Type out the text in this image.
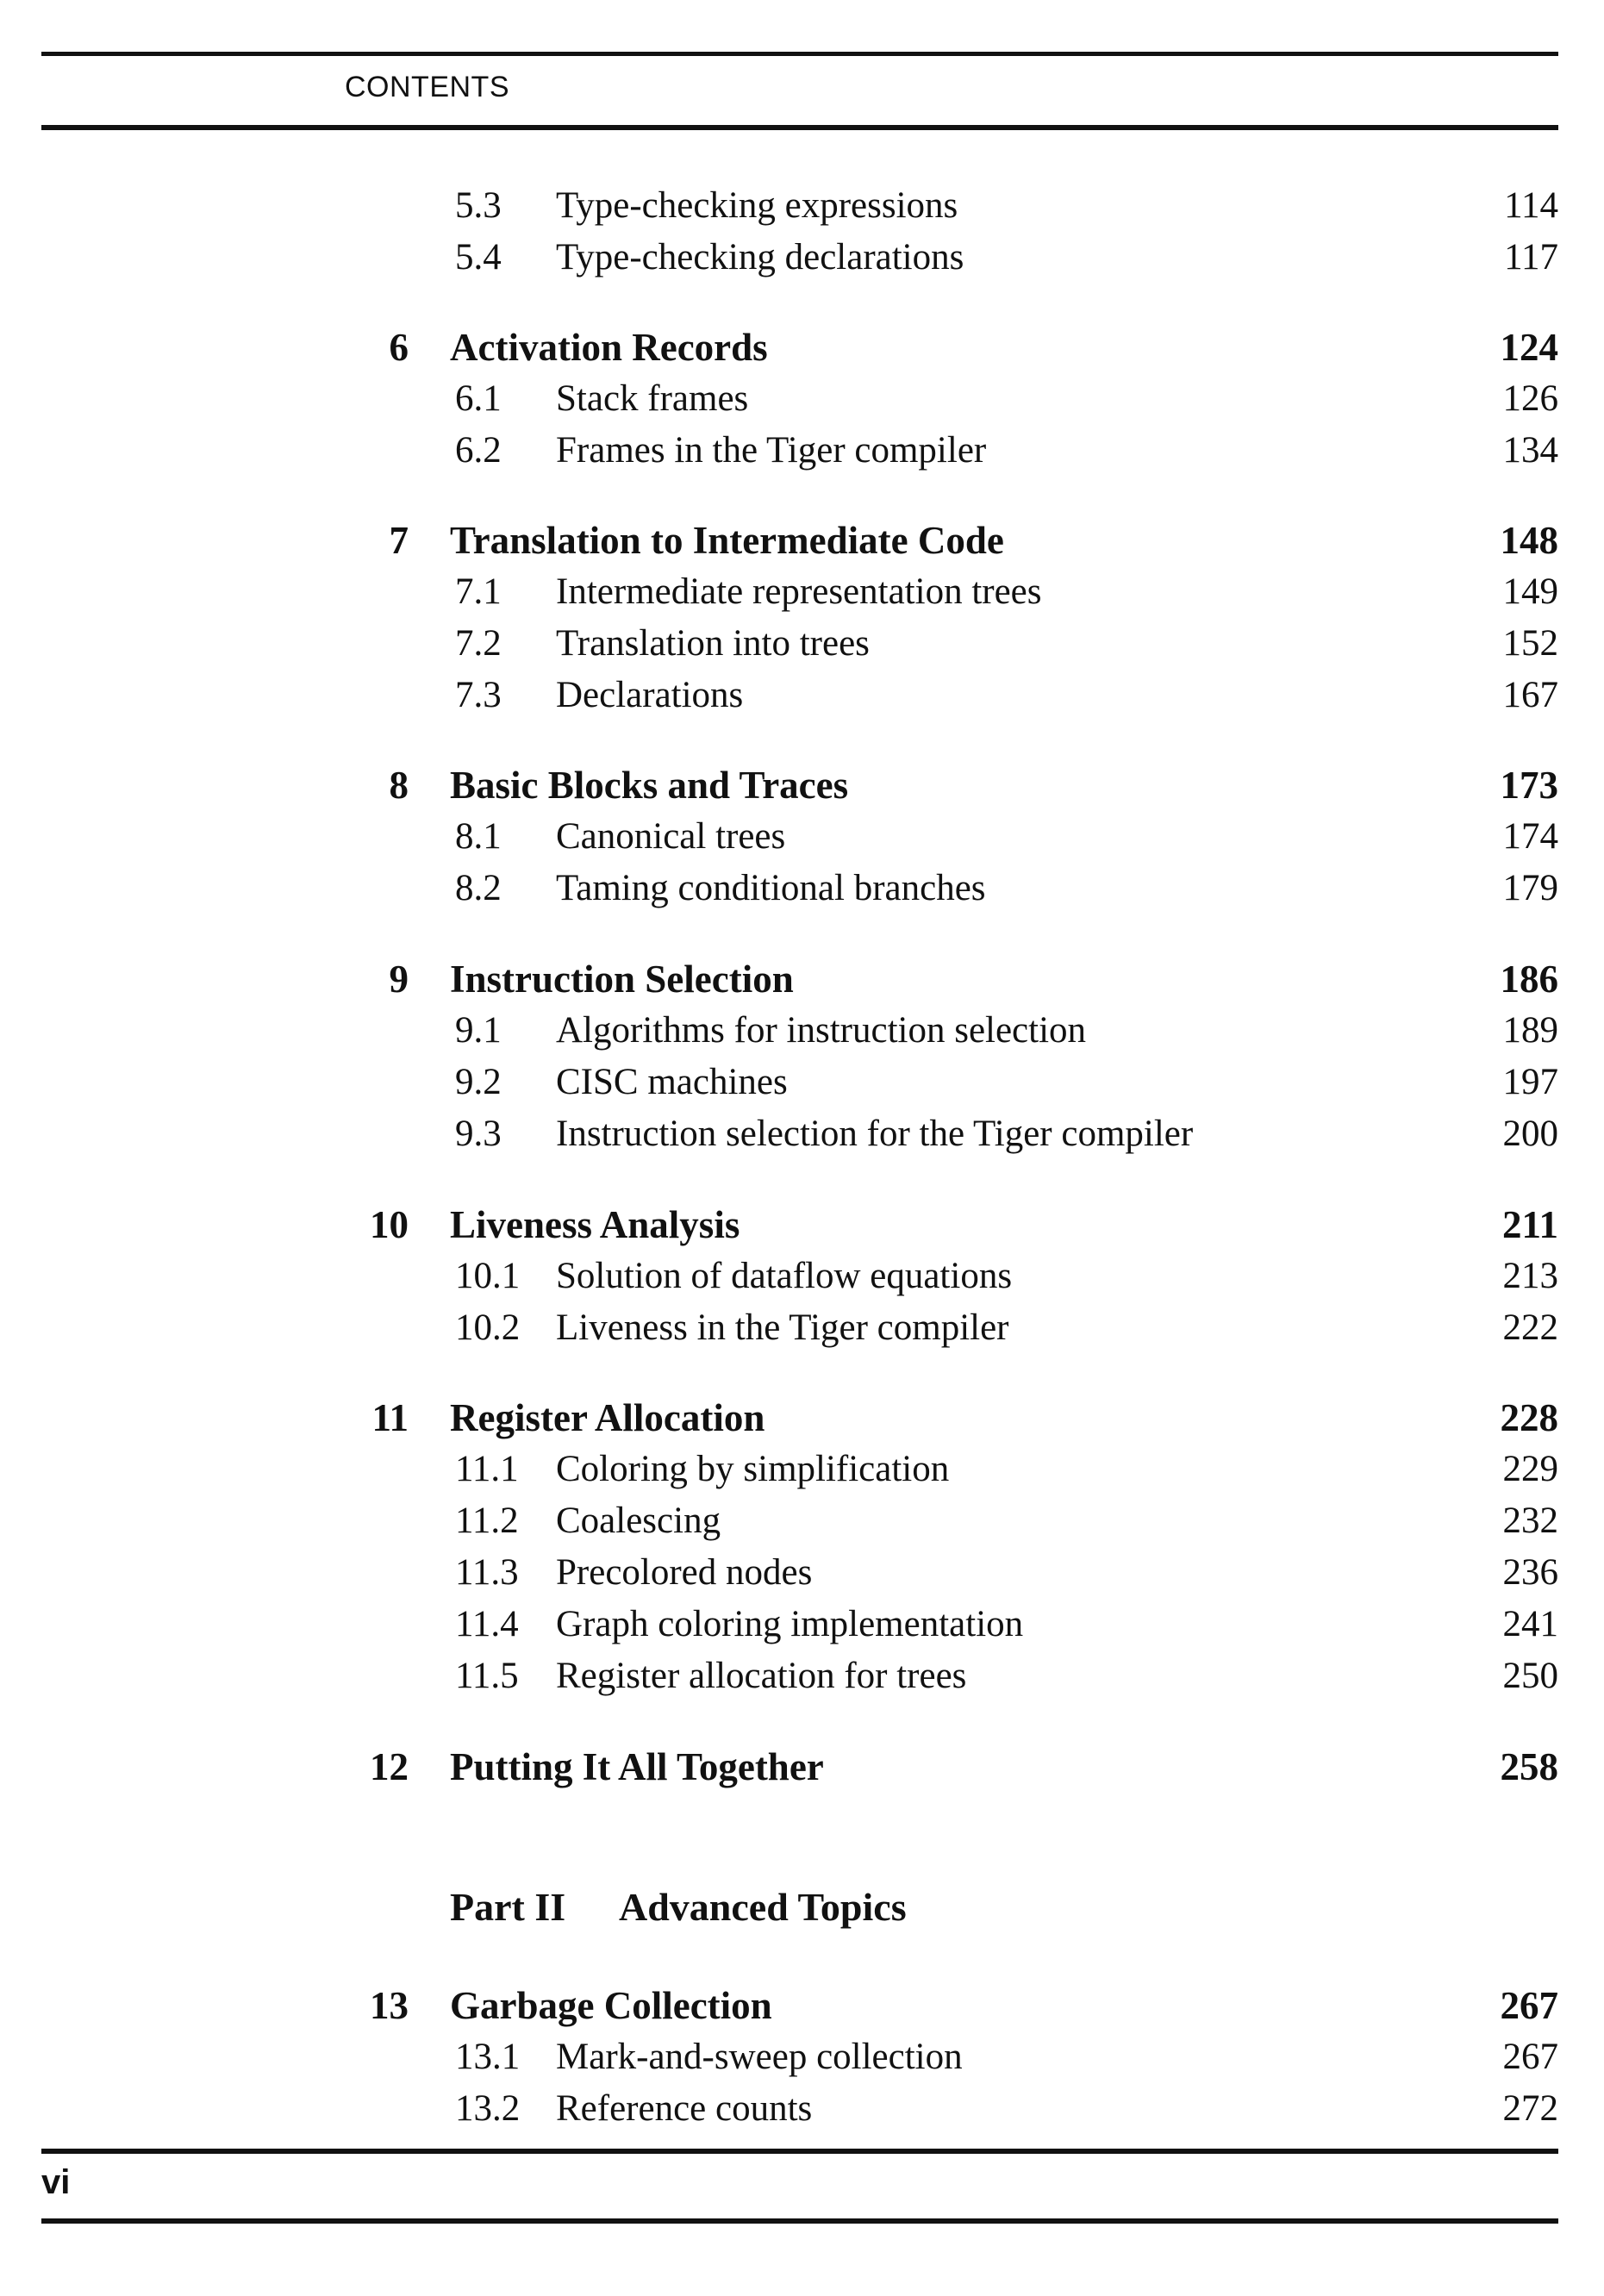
CONTENTS
5.3 Type-checking expressions	114
5.4 Type-checking declarations	117
6 Activation Records	124
6.1 Stack frames	126
6.2 Frames in the Tiger compiler	134
7 Translation to Intermediate Code	148
7.1 Intermediate representation trees	149
7.2 Translation into trees	152
7.3 Declarations	167
8 Basic Blocks and Traces	173
8.1 Canonical trees	174
8.2 Taming conditional branches	179
9 Instruction Selection	186
9.1 Algorithms for instruction selection	189
9.2 CISC machines	197
9.3 Instruction selection for the Tiger compiler	200
10 Liveness Analysis	211
10.1 Solution of dataflow equations	213
10.2 Liveness in the Tiger compiler	222
11 Register Allocation	228
11.1 Coloring by simplification	229
11.2 Coalescing	232
11.3 Precolored nodes	236
11.4 Graph coloring implementation	241
11.5 Register allocation for trees	250
12 Putting It All Together	258
Part II Advanced Topics
13 Garbage Collection	267
13.1 Mark-and-sweep collection	267
13.2 Reference counts	272
vi
